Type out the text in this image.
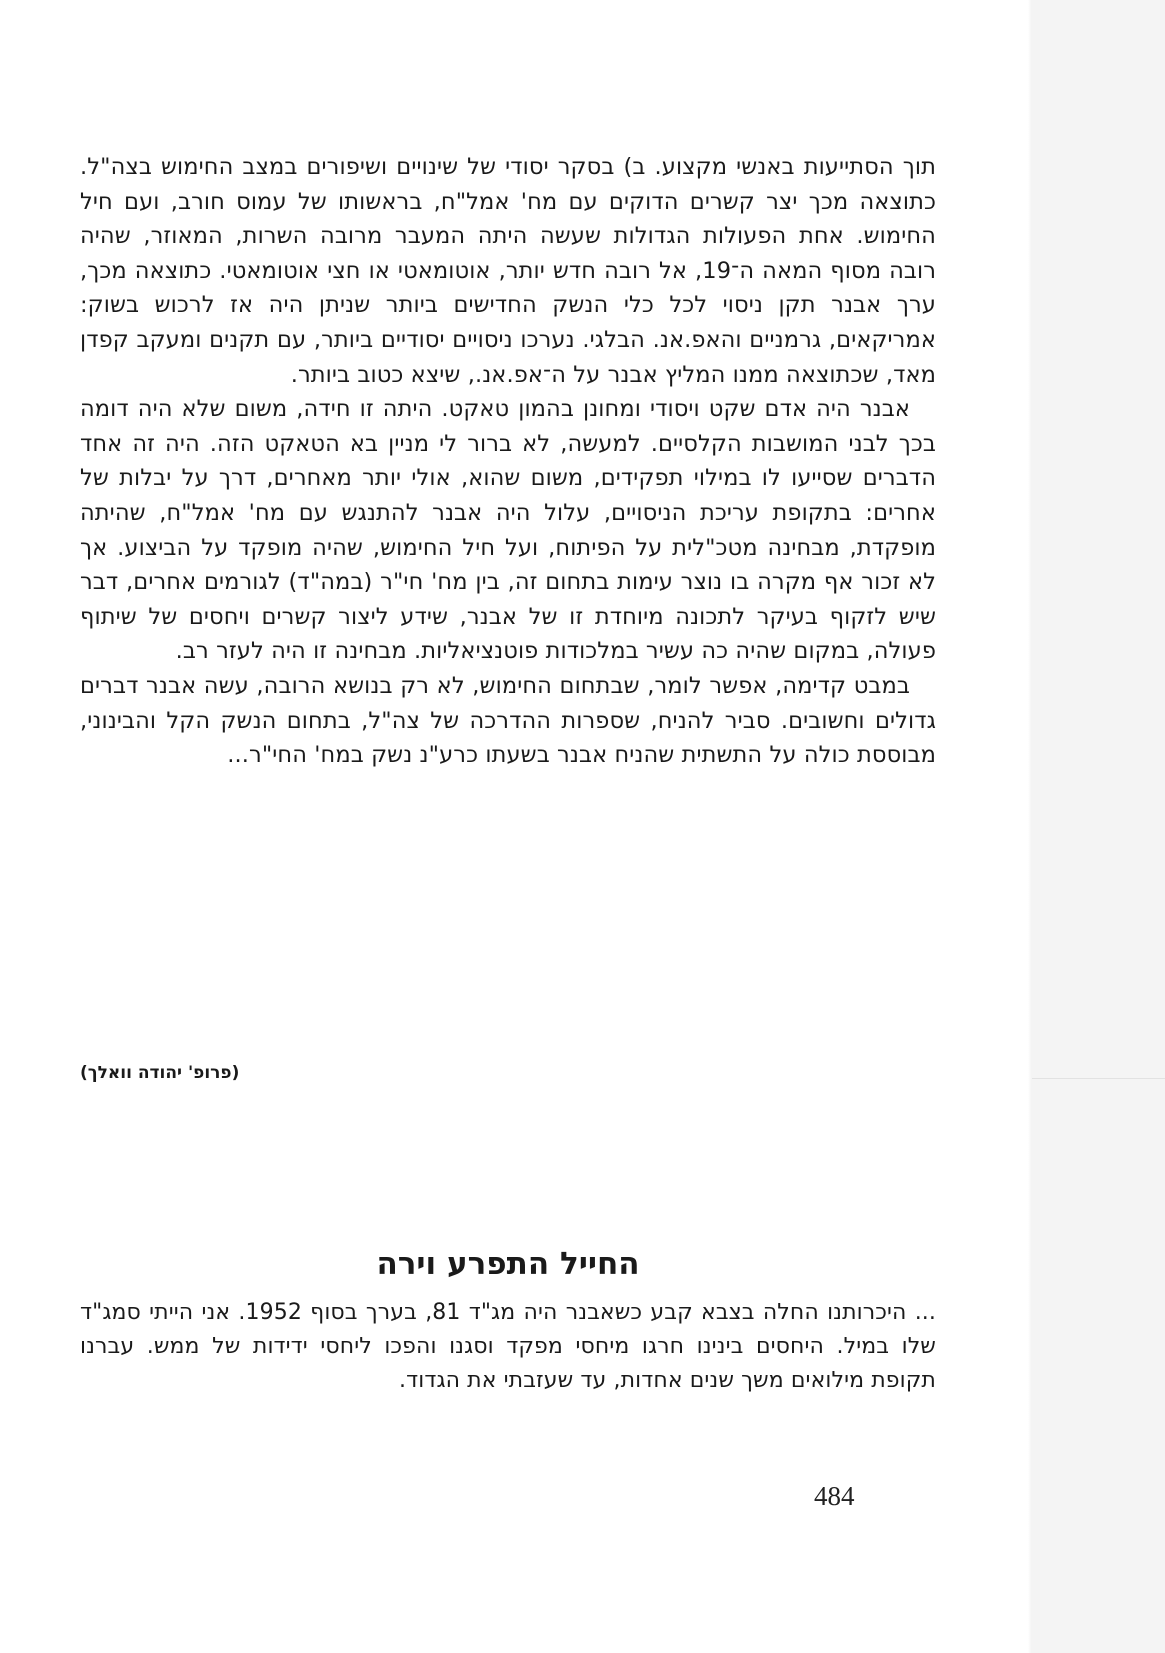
תוך הסתייעות באנשי מקצוע. ב) בסקר יסודי של שינויים ושיפורים במצב החימוש בצה"ל. כתוצאה מכך יצר קשרים הדוקים עם מח' אמל"ח, בראשותו של עמוס חורב, ועם חיל החימוש. אחת הפעולות הגדולות שעשה היתה המעבר מרובה השרות, המאוזר, שהיה רובה מסוף המאה ה־19, אל רובה חדש יותר, אוטומאטי או חצי אוטומאטי. כתוצאה מכך, ערך אבנר תקן ניסוי לכל כלי הנשק החדישים ביותר שניתן היה אז לרכוש בשוק: אמריקאים, גרמניים והאפ.אנ. הבלגי. נערכו ניסויים יסודיים ביותר, עם תקנים ומעקב קפדן מאד, שכתוצאה ממנו המליץ אבנר על ה־אפ.אנ., שיצא כטוב ביותר.

אבנר היה אדם שקט ויסודי ומחונן בהמון טאקט. היתה זו חידה, משום שלא היה דומה בכך לבני המושבות הקלסיים. למעשה, לא ברור לי מניין בא הטאקט הזה. היה זה אחד הדברים שסייעו לו במילוי תפקידים, משום שהוא, אולי יותר מאחרים, דרך על יבלות של אחרים: בתקופת עריכת הניסויים, עלול היה אבנר להתנגש עם מח' אמל"ח, שהיתה מופקדת, מבחינה מטכ"לית על הפיתוח, ועל חיל החימוש, שהיה מופקד על הביצוע. אך לא זכור אף מקרה בו נוצר עימות בתחום זה, בין מח' חי"ר (במה"ד) לגורמים אחרים, דבר שיש לזקוף בעיקר לתכונה מיוחדת זו של אבנר, שידע ליצור קשרים ויחסים של שיתוף פעולה, במקום שהיה כה עשיר במלכודות פוטנציאליות. מבחינה זו היה לעזר רב.

במבט קדימה, אפשר לומר, שבתחום החימוש, לא רק בנושא הרובה, עשה אבנר דברים גדולים וחשובים. סביר להניח, שספרות ההדרכה של צה"ל, בתחום הנשק הקל והבינוני, מבוססת כולה על התשתית שהניח אבנר בשעתו כרע"נ נשק במח' החי"ר...

(פרופ' יהודה וואלך)
החייל התפרע וירה

... היכרותנו החלה בצבא קבע כשאבנר היה מג"ד 81, בערך בסוף 1952. אני הייתי סמג"ד שלו במיל. היחסים בינינו חרגו מיחסי מפקד וסגנו והפכו ליחסי ידידות של ממש. עברנו תקופת מילואים משך שנים אחדות, עד שעזבתי את הגדוד.

484
